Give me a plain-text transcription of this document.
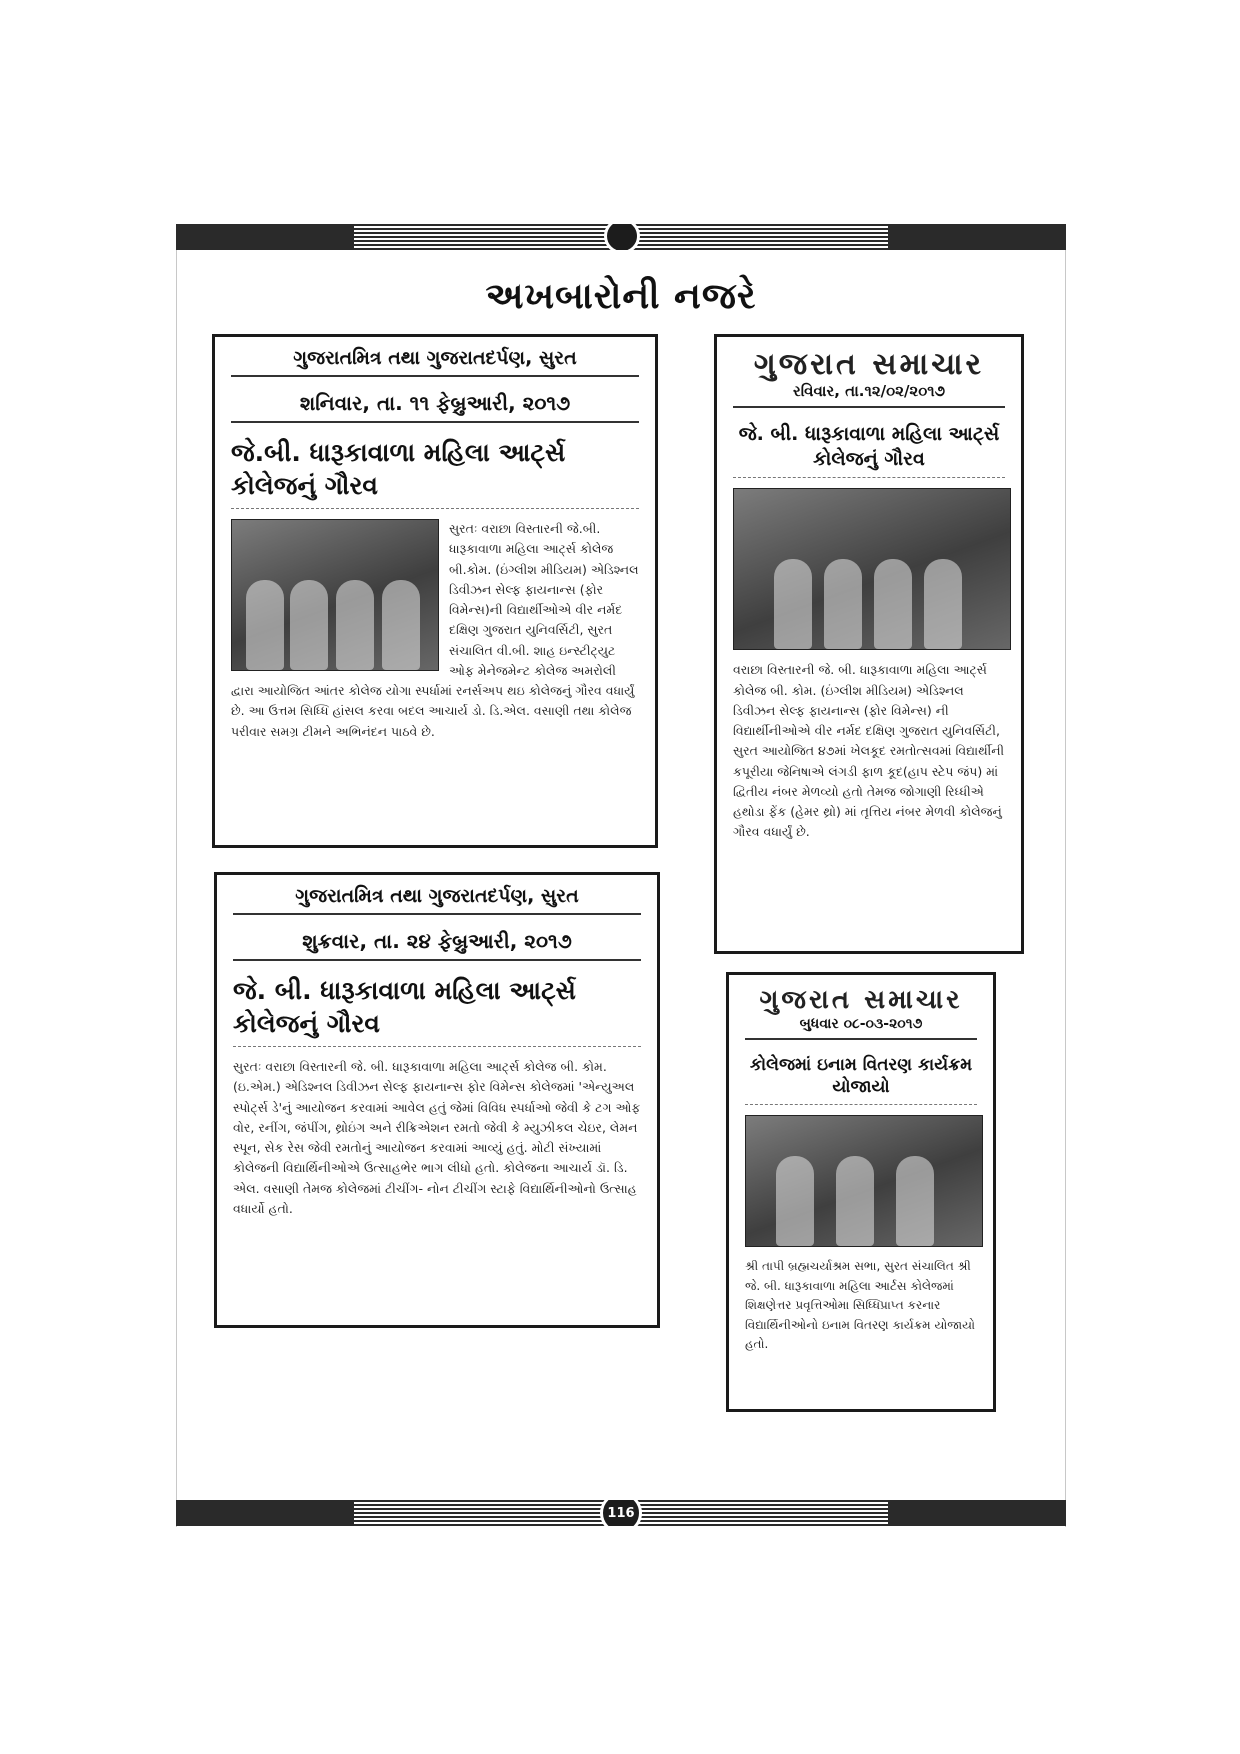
અખબારોની નજરે
ગુજરાતમિત્ર તથા ગુજરાતદર્પણ, સુરત
શનિવાર, તા. ૧૧ ફેબ્રુઆરી, ૨૦૧૭
જે.બી. ધારૂકાવાળા મહિલા આર્ટ્સ કોલેજનું ગૌરવ
સુરતઃ વરાછા વિસ્તારની જે.બી. ધારૂકાવાળા મહિલા આર્ટ્સ કોલેજ બી.કોમ. (ઇંગ્લીશ મીડિયમ) એડિશ્નલ ડિવીઝન સેલ્ફ ફાયનાન્સ (ફોર વિમેન્સ)ની વિદ્યાર્થીઓએ વીર નર્મદ દક્ષિણ ગુજરાત યુનિવર્સિટી, સુરત સંચાલિત વી.બી. શાહ ઇન્સ્ટીટ્યુટ ઓફ મેનેજમેન્ટ કોલેજ અમરોલી દ્વારા આયોજિત આંતર કોલેજ યોગા સ્પર્ધામાં રનર્સઅપ થઇ કોલેજનું ગૌરવ વધાર્યું છે. આ ઉત્તમ સિધ્ધિ હાંસલ કરવા બદલ આચાર્ય ડો. ડિ.એલ. વસાણી તથા કોલેજ પરીવાર સમગ્ર ટીમને અભિનંદન પાઠવે છે.
ગુજરાત સમાચાર
રવિવાર, તા.૧૨/૦૨/૨૦૧૭
જે. બી. ધારૂકાવાળા મહિલા આર્ટ્સ કોલેજનું ગૌરવ
વરાછા વિસ્તારની જે. બી. ધારૂકાવાળા મહિલા આર્ટ્સ કોલેજ બી. કોમ. (ઇંગ્લીશ મીડિયમ) એડિશ્નલ ડિવીઝન સેલ્ફ ફાયનાન્સ (ફોર વિમેન્સ) ની વિદ્યાર્થીનીઓએ વીર નર્મદ દક્ષિણ ગુજરાત યુનિવર્સિટી, સુરત આયોજિત ૪૭માં ખેલકૂદ રમતોત્સવમાં વિદ્યાર્થીની કપૂરીયા જેનિષાએ લંગડી ફાળ કૂદ(હાપ સ્ટેપ જંપ) માં દ્વિતીય નંબર મેળવ્યો હતો તેમજ જોગાણી રિધ્ધીએ હથોડા ફેંક (હેમર થ્રો) માં તૃત્તિય નંબર મેળવી કોલેજનું ગૌરવ વધાર્યું છે.
ગુજરાતમિત્ર તથા ગુજરાતદર્પણ, સુરત
શુક્રવાર, તા. ૨૪ ફેબ્રુઆરી, ૨૦૧૭
જે. બી. ધારૂકાવાળા મહિલા આર્ટ્સ કોલેજનું ગૌરવ
સુરતઃ વરાછા વિસ્તારની જે. બી. ધારૂકાવાળા મહિલા આર્ટ્સ કોલેજ બી. કોમ. (ઇ.એમ.) એડિશ્નલ ડિવીઝન સેલ્ફ ફાયનાન્સ ફોર વિમેન્સ કોલેજમાં 'એન્યુઅલ સ્પોર્ટ્સ ડે'નું આયોજન કરવામાં આવેલ હતું જેમાં વિવિધ સ્પર્ધાઓ જેવી કે ટગ ઓફ વોર, રનીંગ, જંપીંગ, થ્રોઇંગ અને રીક્રિએશન રમતો જેવી કે મ્યુઝીકલ ચેઇર, લેમન સ્પૂન, સેક રેસ જેવી રમતોનું આયોજન કરવામાં આવ્યું હતું. મોટી સંખ્યામાં કોલેજની વિદ્યાર્થિનીઓએ ઉત્સાહભેર ભાગ લીધો હતો. કોલેજના આચાર્ય ડૉ. ડિ. એલ. વસાણી તેમજ કોલેજમાં ટીચીંગ- નોન ટીચીંગ સ્ટાફે વિદ્યાર્થિનીઓનો ઉત્સાહ વધાર્યો હતો.
ગુજરાત સમાચાર
બુધવાર ૦૮-૦૩-૨૦૧૭
કોલેજમાં ઇનામ વિતરણ કાર્યક્રમ યોજાયો
શ્રી તાપી બ્રહ્મચર્યાશ્રમ સભા, સુરત સંચાલિત શ્રી જે. બી. ધારૂકાવાળા મહિલા આર્ટસ કોલેજમાં શિક્ષણેત્તર પ્રવૃત્તિઓમા સિધ્ધિપ્રાપ્ત કરનાર વિદ્યાર્થિનીઓનો ઇનામ વિતરણ કાર્યક્રમ યોજાયો હતો.
116
